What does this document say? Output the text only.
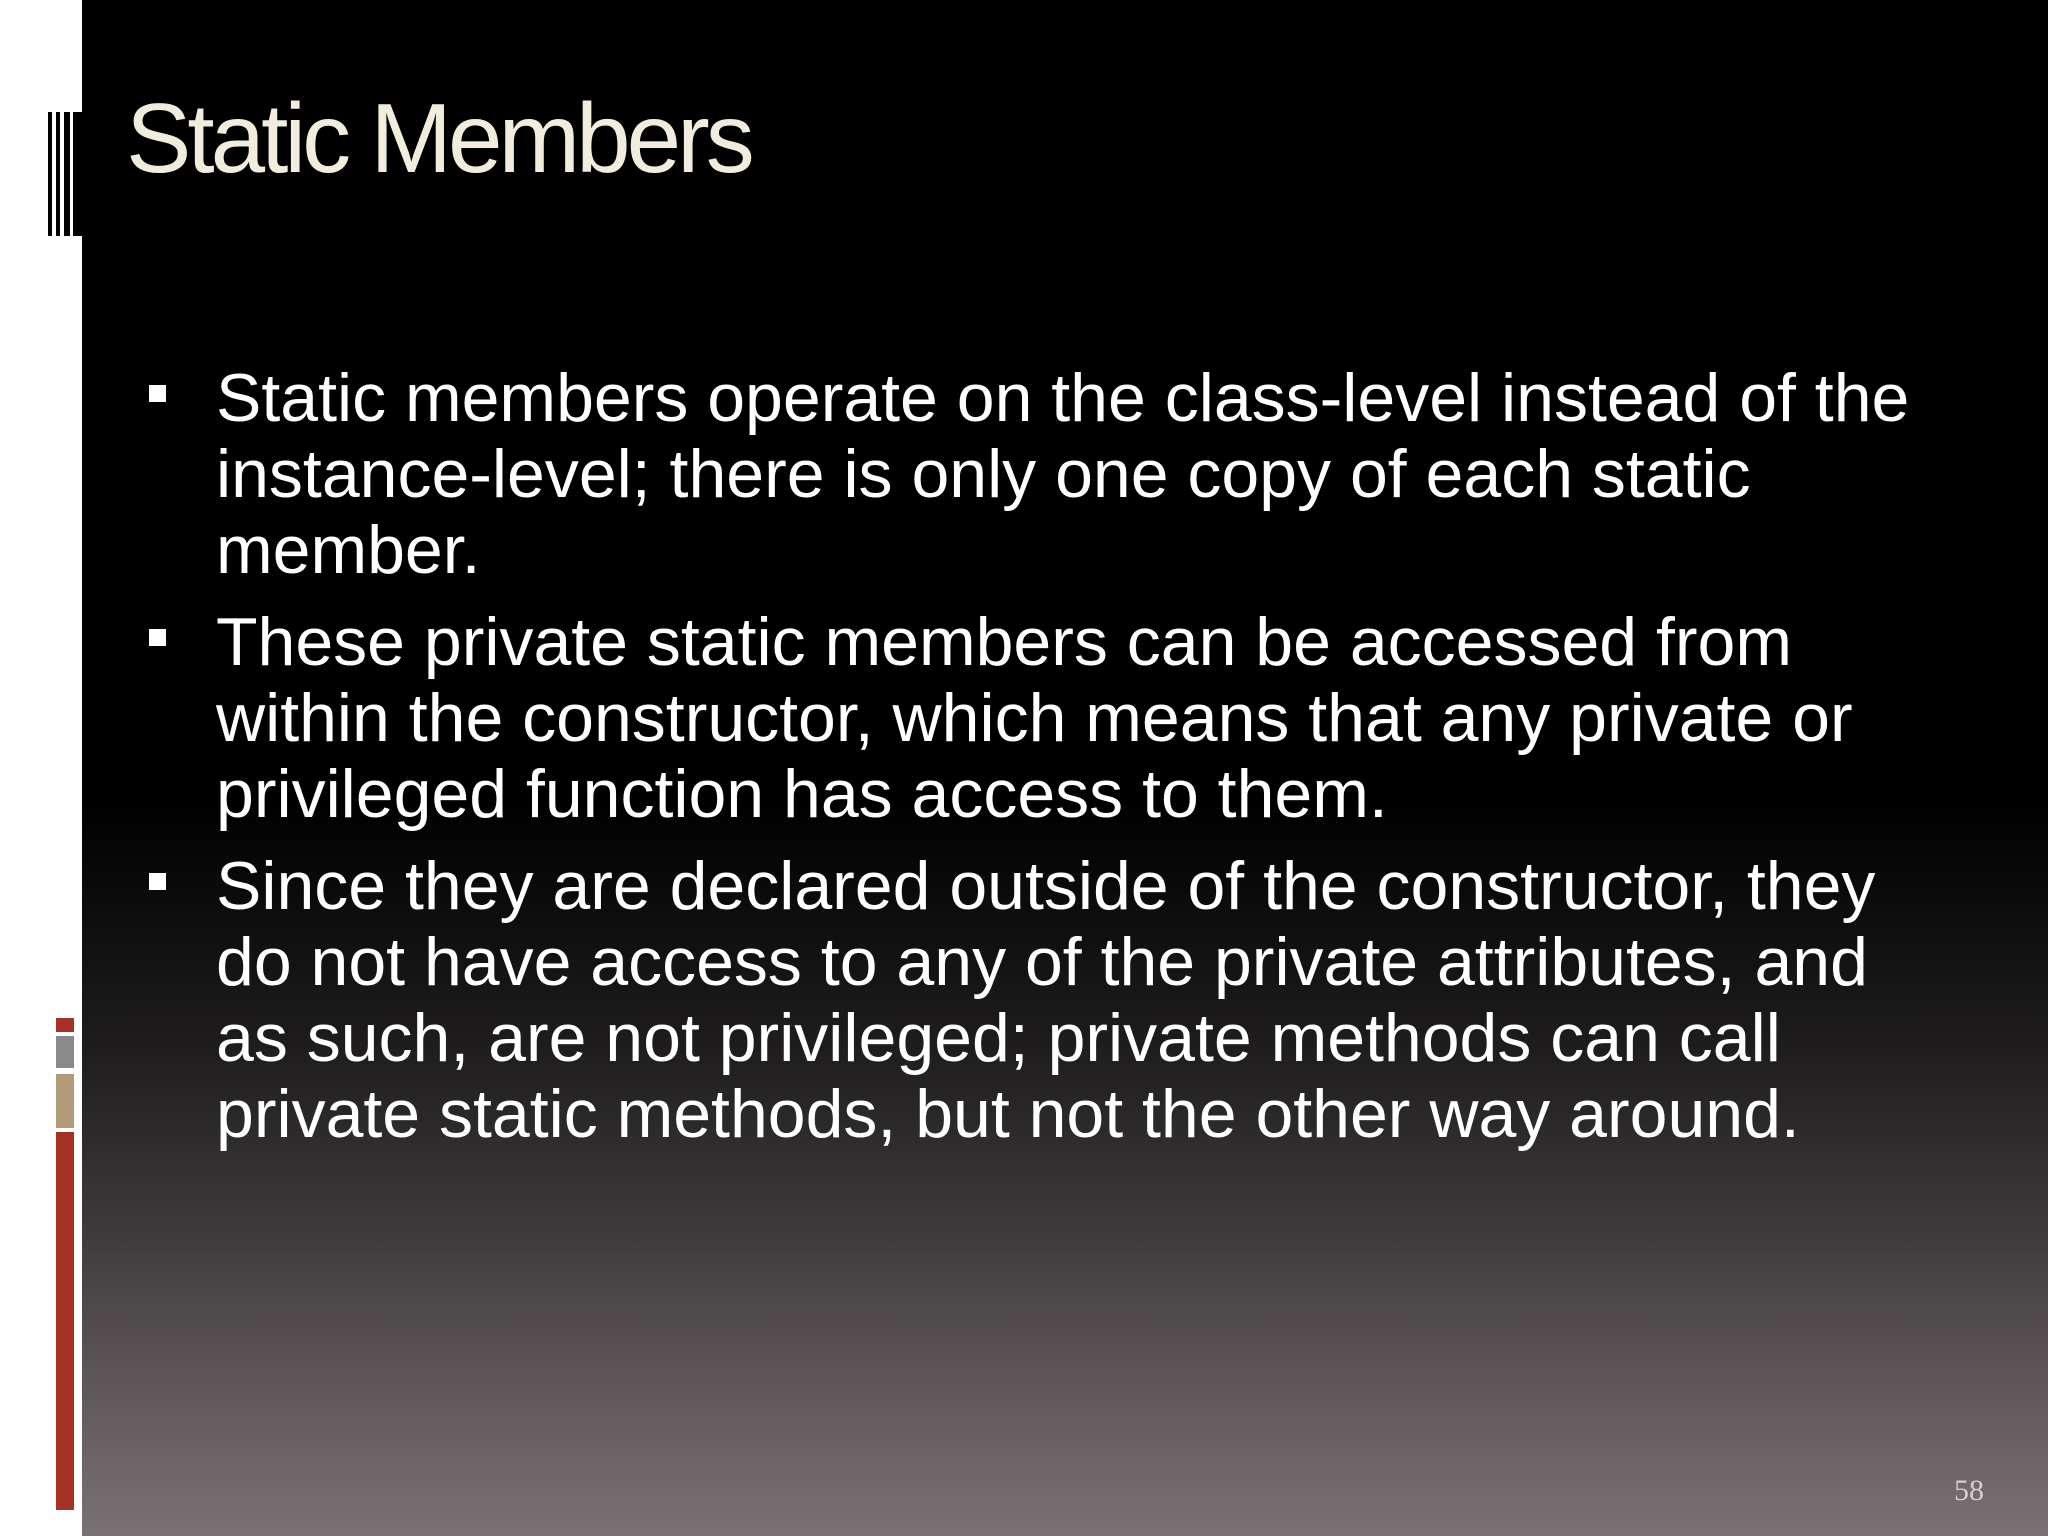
Static Members
Static members operate on the class-level instead of the instance-level; there is only one copy of each static member.
These private static members can be accessed from within the constructor, which means that any private or privileged function has access to them.
Since they are declared outside of the constructor, they do not have access to any of the private attributes, and as such, are not privileged; private methods can call private static methods, but not the other way around.
58
